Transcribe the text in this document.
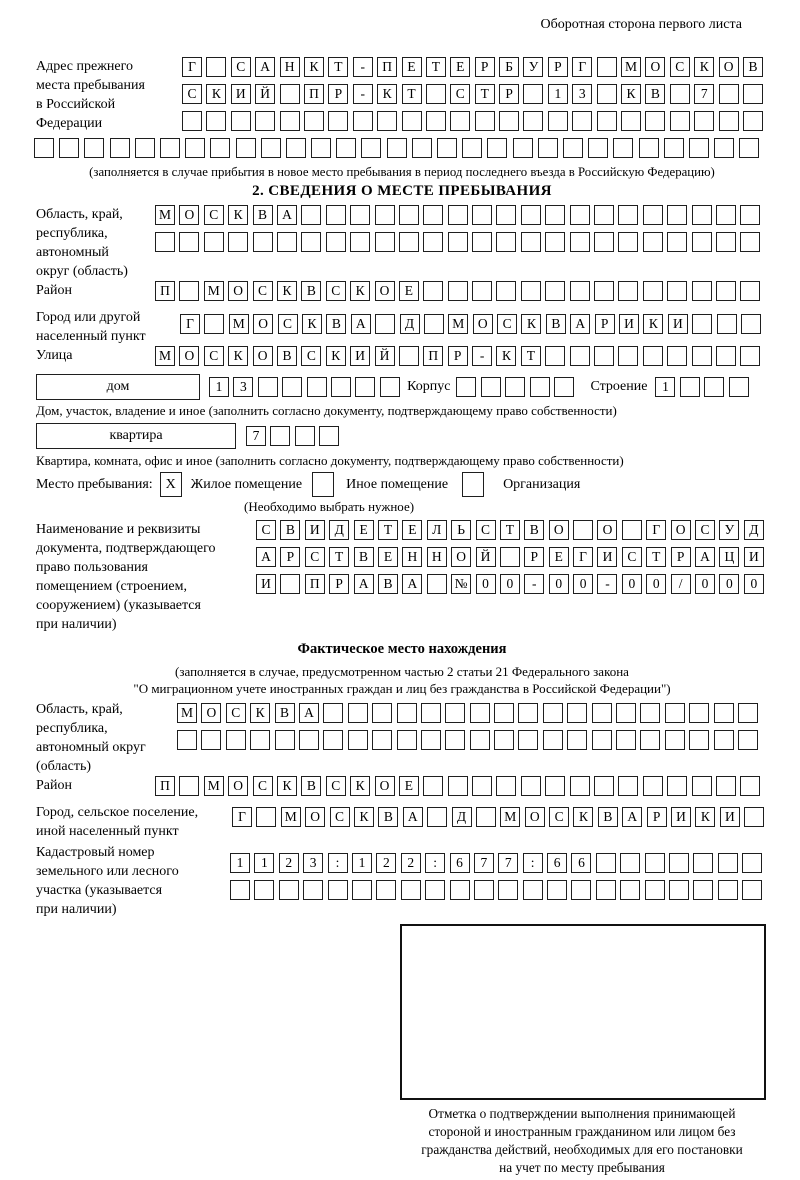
Оборотная сторона первого листа
Адрес прежнего
места пребывания
в Российской
Федерации
Г	С	А	Н	К	Т	-	П	Е	Т	Е	Р	Б	У	Р	Г	М	О	С	К	О	В
С	К	И	Й	П	Р	-	К	Т	С	Т	Р	1	3	К	В	7
(заполняется в случае прибытия в новое место пребывания в период последнего въезда в Российскую Федерацию)
2. СВЕДЕНИЯ О МЕСТЕ ПРЕБЫВАНИЯ
Область, край,
республика,
автономный
округ (область)
М	О	С	К	В	А
Район	П	М	О	С	К	В	С	К	О	Е
Город или другой
населенный пункт
Г	М	О	С	К	В	А	Д	М	О	С	К	В	А	Р	И	К	И
Улица	М	О	С	К	О	В	С	К	И	Й	П	Р	-	К	Т
дом	1	3	Корпус	Строение	1
Дом, участок, владение и иное (заполнить согласно документу, подтверждающему право собственности)
квартира	7
Квартира, комната, офис и иное (заполнить согласно документу, подтверждающему право собственности)
Место пребывания: X	Жилое помещение	Иное помещение	Организация
(Необходимо выбрать нужное)
Наименование и реквизиты
документа, подтверждающего
право пользования
помещением (строением,
сооружением) (указывается
при наличии)
С	В	И	Д	Е	Т	Е	Л	Ь	С	Т	В	О	О	Г	О	С	У	Д
А	Р	С	Т	В	Е	Н	Н	О	Й	Р	Е	Г	И	С	Т	Р	А	Ц	И
И	П	Р	А	В	А	№	0	0	-	0	0	-	0	0	/	0	0	0
Фактическое место нахождения
(заполняется в случае, предусмотренном частью 2 статьи 21 Федерального закона
"О миграционном учете иностранных граждан и лиц без гражданства в Российской Федерации")
Область, край,
республика,
автономный округ
(область)
М	О	С	К	В	А
Район	П	М	О	С	К	В	С	К	О	Е
Город, сельское поселение,
иной населенный пункт
Г	М	О	С	К	В	А	Д	М	О	С	К	В	А	Р	И	К	И
Кадастровый номер
земельного или лесного
участка (указывается
при наличии)
1	1	2	3	:	1	2	2	:	6	7	7	:	6	6
Отметка о подтверждении выполнения принимающей
стороной и иностранным гражданином или лицом без
гражданства действий, необходимых для его постановки
на учет по месту пребывания
